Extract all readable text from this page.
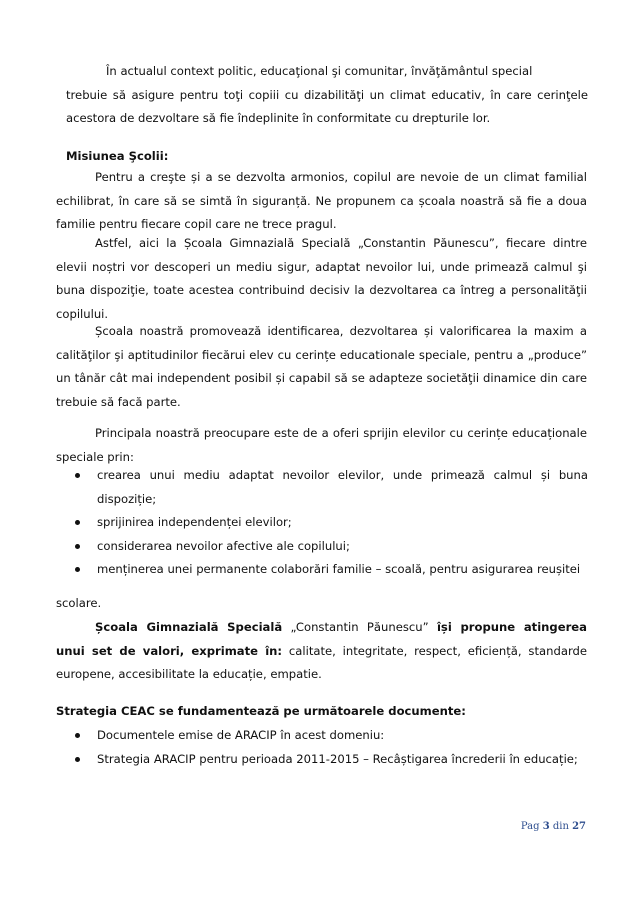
În actualul context politic, educaţional şi comunitar, învăţământul special
trebuie să asigure pentru toţi copiii cu dizabilităţi un climat educativ, în care cerinţele acestora de dezvoltare să fie îndeplinite în conformitate cu drepturile lor.
Misiunea Şcolii:

Pentru a creşte și a se dezvolta armonios, copilul are nevoie de un climat familial echilibrat, în care să se simtă în siguranță. Ne propunem ca școala noastră să fie a doua familie pentru fiecare copil care ne trece pragul.

Astfel, aici la Școala Gimnazială Specială „Constantin Păunescu”, fiecare dintre elevii noștri vor descoperi un mediu sigur, adaptat nevoilor lui, unde primează calmul şi buna dispoziţie, toate acestea contribuind decisiv la dezvoltarea ca întreg a personalităţii copilului.

Școala noastră promovează identificarea, dezvoltarea și valorificarea la maxim a calităţilor şi aptitudinilor fiecărui elev cu cerințe educationale speciale, pentru a „produce” un tânăr cât mai independent posibil și capabil să se adapteze societăţii dinamice din care trebuie să facă parte.

Principala noastră preocupare este de a oferi sprijin elevilor cu cerințe educaționale speciale prin:

crearea unui mediu adaptat nevoilor elevilor, unde primează calmul și buna dispoziție;
sprijinirea independenței elevilor;
considerarea nevoilor afective ale copilului;
menținerea unei permanente colaborări familie – scoală, pentru asigurarea reușitei

scolare.

Școala Gimnazială Specială „Constantin Păunescu” își propune atingerea unui set de valori, exprimate în: calitate, integritate, respect, eficiență, standarde europene, accesibilitate la educație, empatie.

Strategia CEAC se fundamentează pe următoarele documente:
Documentele emise de ARACIP în acest domeniu:
Strategia ARACIP pentru perioada 2011-2015 – Recâștigarea încrederii în educație;
Pag 3 din 27
